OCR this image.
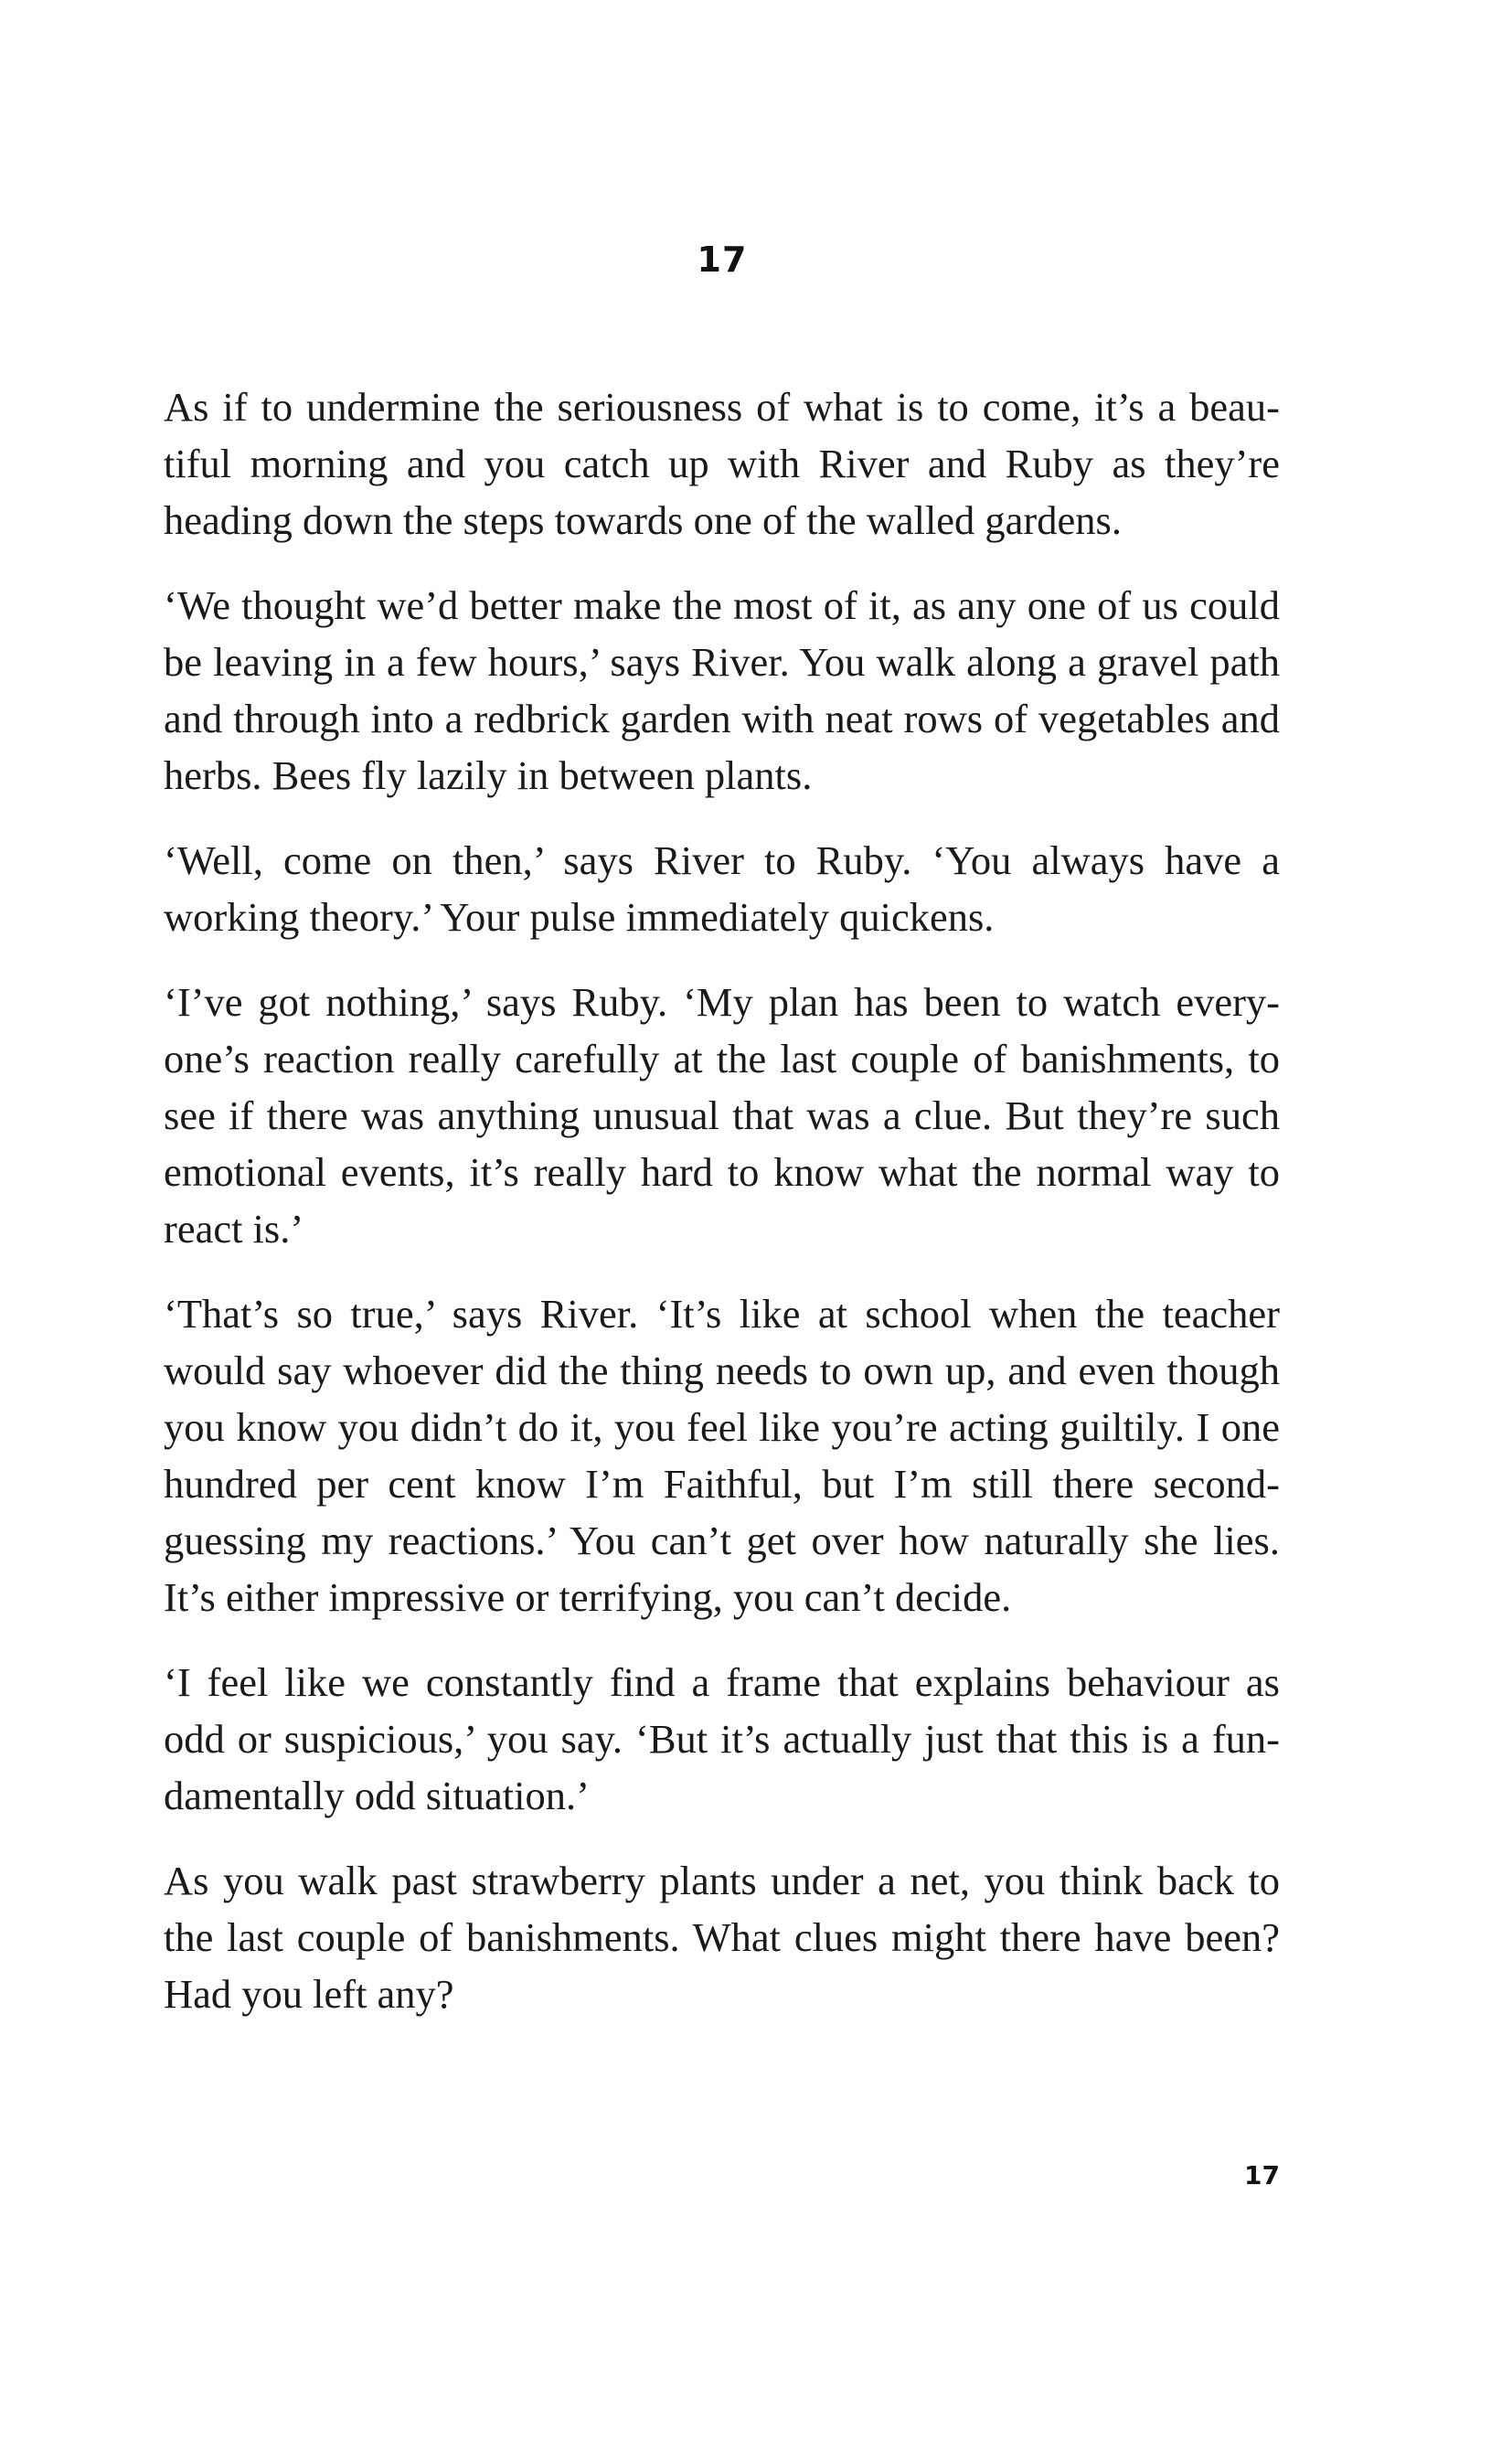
17

As if to undermine the seriousness of what is to come, it’s a beautiful morning and you catch up with River and Ruby as they’re heading down the steps towards one of the walled gardens.

‘We thought we’d better make the most of it, as any one of us could be leaving in a few hours,’ says River. You walk along a gravel path and through into a redbrick garden with neat rows of vegetables and herbs. Bees fly lazily in between plants.

‘Well, come on then,’ says River to Ruby. ‘You always have a working theory.’ Your pulse immediately quickens.

‘I’ve got nothing,’ says Ruby. ‘My plan has been to watch everyone’s reaction really carefully at the last couple of banishments, to see if there was anything unusual that was a clue. But they’re such emotional events, it’s really hard to know what the normal way to react is.’

‘That’s so true,’ says River. ‘It’s like at school when the teacher would say whoever did the thing needs to own up, and even though you know you didn’t do it, you feel like you’re acting guiltily. I one hundred per cent know I’m Faithful, but I’m still there second-guessing my reactions.’ You can’t get over how naturally she lies. It’s either impressive or terrifying, you can’t decide.

‘I feel like we constantly find a frame that explains behaviour as odd or suspicious,’ you say. ‘But it’s actually just that this is a fundamentally odd situation.’

As you walk past strawberry plants under a net, you think back to the last couple of banishments. What clues might there have been? Had you left any?

17
